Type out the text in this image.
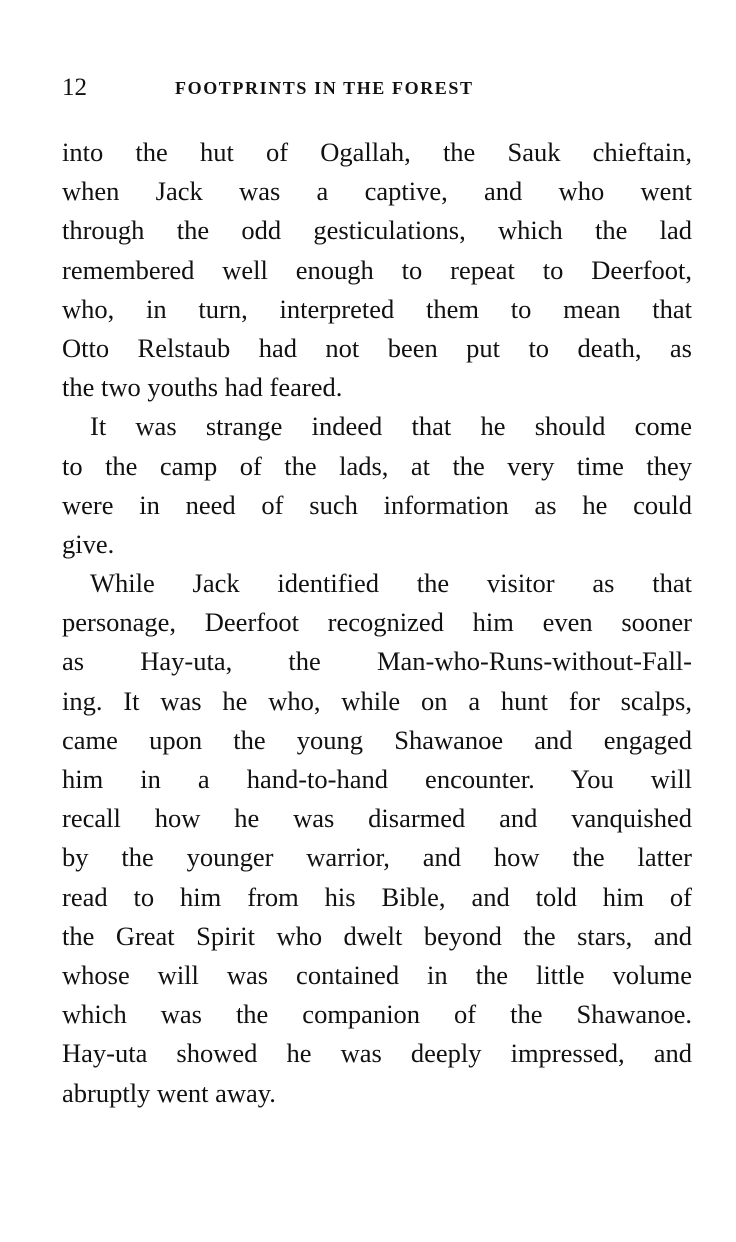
12	FOOTPRINTS IN THE FOREST
into the hut of Ogallah, the Sauk chieftain,
when Jack was a captive, and who went
through the odd gesticulations, which the lad
remembered well enough to repeat to Deerfoot,
who, in turn, interpreted them to mean that
Otto Relstaub had not been put to death, as
the two youths had feared.
It was strange indeed that he should come
to the camp of the lads, at the very time they
were in need of such information as he could
give.
While Jack identified the visitor as that
personage, Deerfoot recognized him even sooner
as Hay-uta, the Man-who-Runs-without-Fall-
ing. It was he who, while on a hunt for scalps,
came upon the young Shawanoe and engaged
him in a hand-to-hand encounter. You will
recall how he was disarmed and vanquished
by the younger warrior, and how the latter
read to him from his Bible, and told him of
the Great Spirit who dwelt beyond the stars, and
whose will was contained in the little volume
which was the companion of the Shawanoe.
Hay-uta showed he was deeply impressed, and
abruptly went away.
